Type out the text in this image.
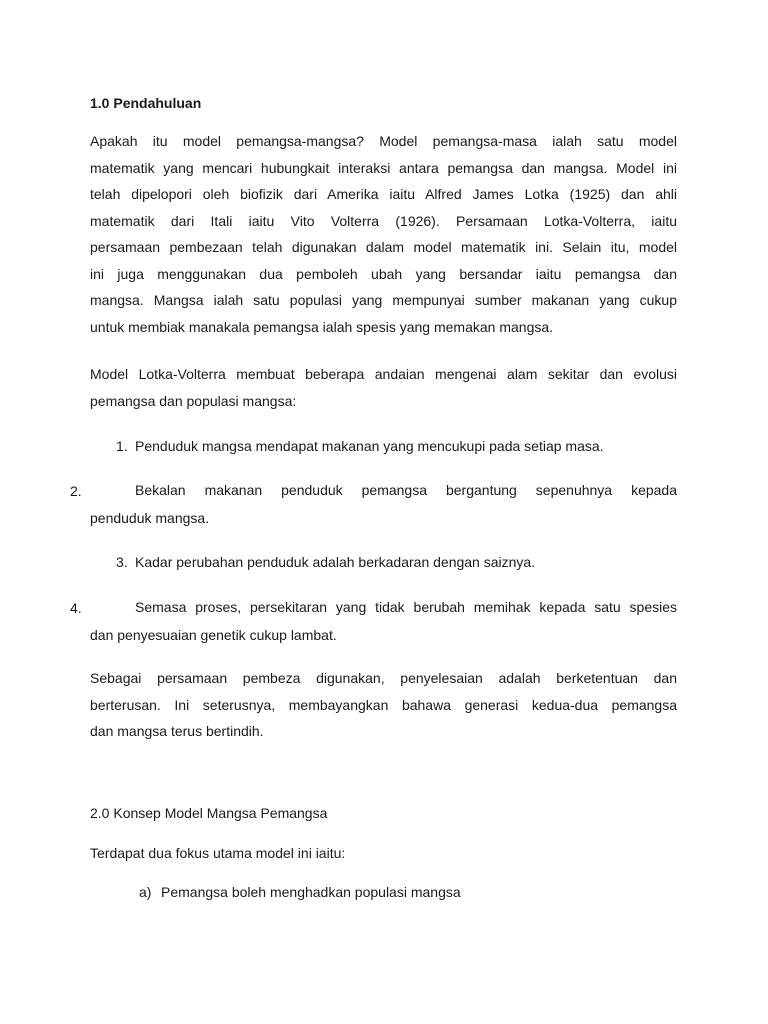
1.0 Pendahuluan
Apakah itu model pemangsa-mangsa? Model pemangsa-masa ialah satu model
matematik yang mencari hubungkait interaksi antara pemangsa dan mangsa. Model ini
telah dipelopori oleh biofizik dari Amerika iaitu Alfred James Lotka (1925) dan ahli
matematik dari Itali iaitu Vito Volterra (1926). Persamaan Lotka-Volterra, iaitu
persamaan pembezaan telah digunakan dalam model matematik ini. Selain itu, model
ini juga menggunakan dua pemboleh ubah yang bersandar iaitu pemangsa dan
mangsa. Mangsa ialah satu populasi yang mempunyai sumber makanan yang cukup
untuk membiak manakala pemangsa ialah spesis yang memakan mangsa.
Model Lotka-Volterra membuat beberapa andaian mengenai alam sekitar dan evolusi
pemangsa dan populasi mangsa:
1. Penduduk mangsa mendapat makanan yang mencukupi pada setiap masa.
2.	Bekalan makanan penduduk pemangsa bergantung sepenuhnya kepada
penduduk mangsa.
3. Kadar perubahan penduduk adalah berkadaran dengan saiznya.
4.	Semasa proses, persekitaran yang tidak berubah memihak kepada satu spesies
dan penyesuaian genetik cukup lambat.
Sebagai persamaan pembeza digunakan, penyelesaian adalah berketentuan dan
berterusan. Ini seterusnya, membayangkan bahawa generasi kedua-dua pemangsa
dan mangsa terus bertindih.
2.0 Konsep Model Mangsa Pemangsa
Terdapat dua fokus utama model ini iaitu:
a) Pemangsa boleh menghadkan populasi mangsa
